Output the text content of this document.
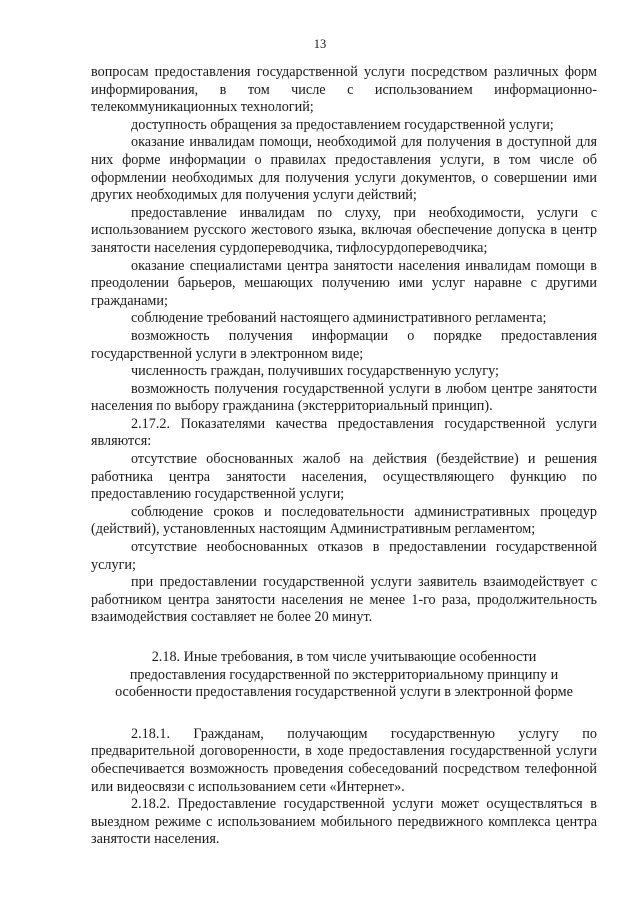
13

вопросам предоставления государственной услуги посредством различных форм информирования, в том числе с использованием информационно-телекоммуникационных технологий;

доступность обращения за предоставлением государственной услуги;

оказание инвалидам помощи, необходимой для получения в доступной для них форме информации о правилах предоставления услуги, в том числе об оформлении необходимых для получения услуги документов, о совершении ими других необходимых для получения услуги действий;

предоставление инвалидам по слуху, при необходимости, услуги с использованием русского жестового языка, включая обеспечение допуска в центр занятости населения сурдопереводчика, тифлосурдопереводчика;

оказание специалистами центра занятости населения инвалидам помощи в преодолении барьеров, мешающих получению ими услуг наравне с другими гражданами;

соблюдение требований настоящего административного регламента;

возможность получения информации о порядке предоставления государственной услуги в электронном виде;

численность граждан, получивших государственную услугу;

возможность получения государственной услуги в любом центре занятости населения по выбору гражданина (экстерриториальный принцип).

2.17.2. Показателями качества предоставления государственной услуги являются:

отсутствие обоснованных жалоб на действия (бездействие) и решения работника центра занятости населения, осуществляющего функцию по предоставлению государственной услуги;

соблюдение сроков и последовательности административных процедур (действий), установленных настоящим Административным регламентом;

отсутствие необоснованных отказов в предоставлении государственной услуги;

при предоставлении государственной услуги заявитель взаимодействует с работником центра занятости населения не менее 1-го раза, продолжительность взаимодействия составляет не более 20 минут.

2.18. Иные требования, в том числе учитывающие особенности
предоставления государственной по экстерриториальному принципу и
особенности предоставления государственной услуги в электронной форме

2.18.1. Гражданам, получающим государственную услугу по предварительной договоренности, в ходе предоставления государственной услуги обеспечивается возможность проведения собеседований посредством телефонной или видеосвязи с использованием сети «Интернет».

2.18.2. Предоставление государственной услуги может осуществляться в выездном режиме с использованием мобильного передвижного комплекса центра занятости населения.
